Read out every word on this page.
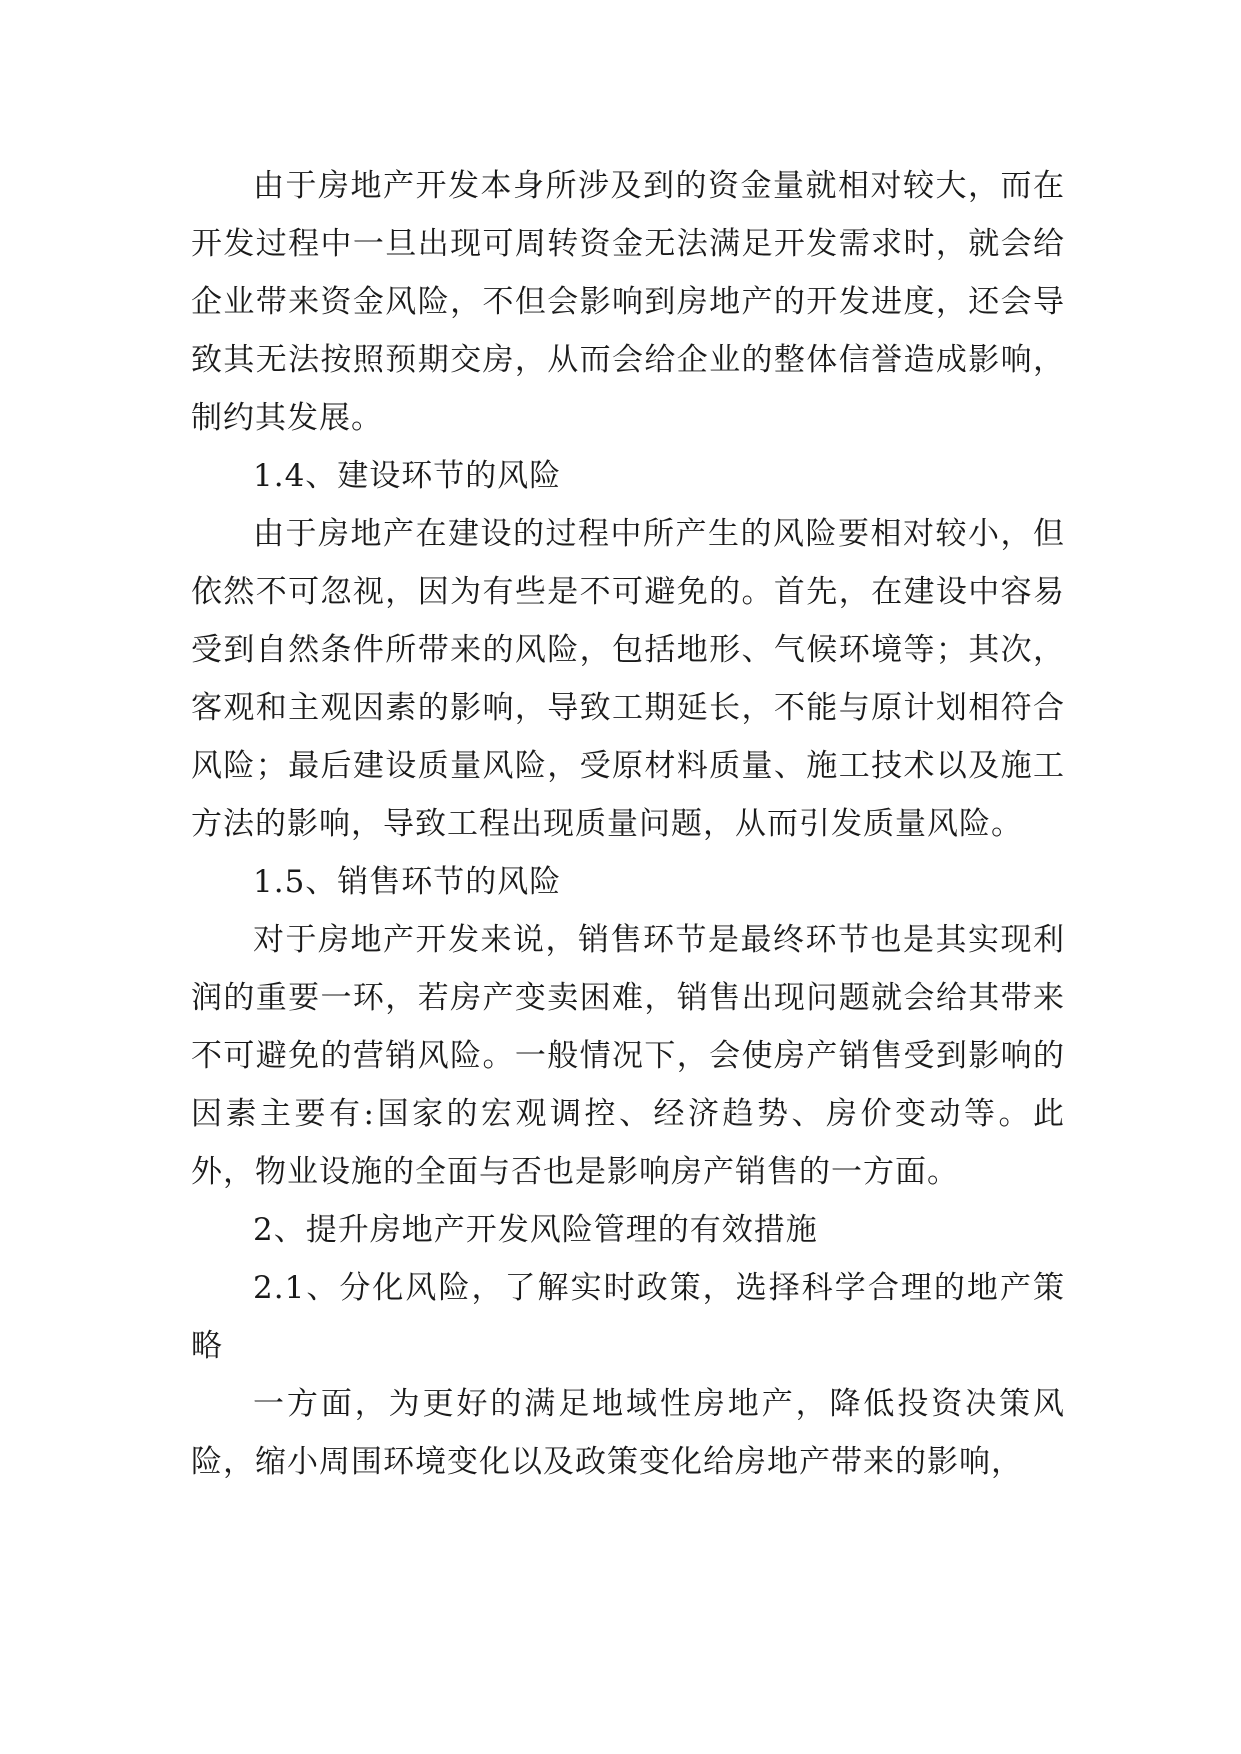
由于房地产开发本身所涉及到的资金量就相对较大，而在开发过程中一旦出现可周转资金无法满足开发需求时，就会给企业带来资金风险，不但会影响到房地产的开发进度，还会导致其无法按照预期交房，从而会给企业的整体信誉造成影响，制约其发展。

1.4、建设环节的风险

由于房地产在建设的过程中所产生的风险要相对较小，但依然不可忽视，因为有些是不可避免的。首先，在建设中容易受到自然条件所带来的风险，包括地形、气候环境等；其次，客观和主观因素的影响，导致工期延长，不能与原计划相符合风险；最后建设质量风险，受原材料质量、施工技术以及施工方法的影响，导致工程出现质量问题，从而引发质量风险。

1.5、销售环节的风险

对于房地产开发来说，销售环节是最终环节也是其实现利润的重要一环，若房产变卖困难，销售出现问题就会给其带来不可避免的营销风险。一般情况下，会使房产销售受到影响的因素主要有:国家的宏观调控、经济趋势、房价变动等。此外，物业设施的全面与否也是影响房产销售的一方面。

2、提升房地产开发风险管理的有效措施

2.1、分化风险，了解实时政策，选择科学合理的地产策略

一方面，为更好的满足地域性房地产，降低投资决策风险，缩小周围环境变化以及政策变化给房地产带来的影响，
